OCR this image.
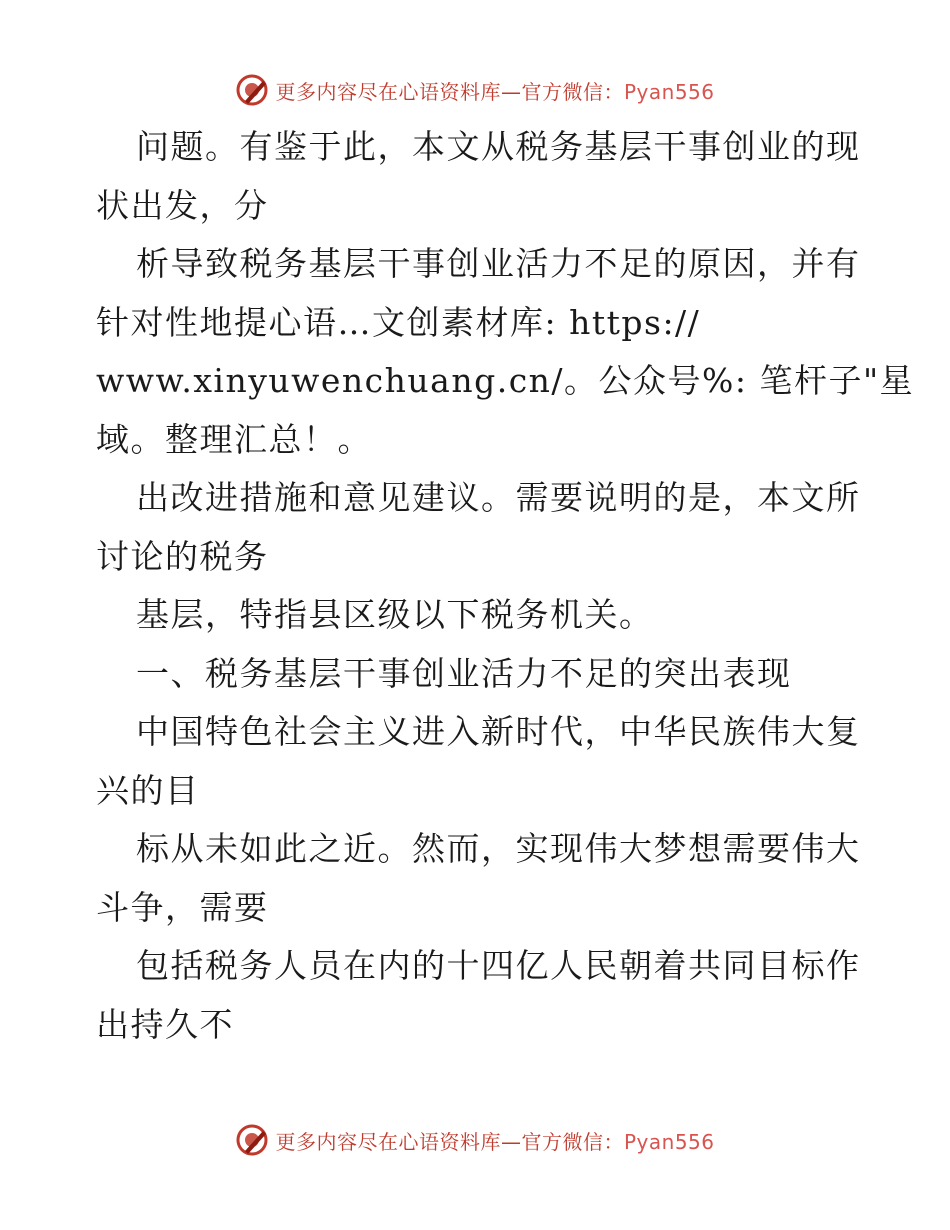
更多内容尽在心语资料库—官方微信：Pyan556
问题。有鉴于此，本文从税务基层干事创业的现
状出发，分
析导致税务基层干事创业活力不足的原因，并有
针对性地提心语…文创素材库: https://
www.xinyuwenchuang.cn/。公众号%: 笔杆子"星
域。整理汇总！。
出改进措施和意见建议。需要说明的是，本文所
讨论的税务
基层，特指县区级以下税务机关。
一、税务基层干事创业活力不足的突出表现
中国特色社会主义进入新时代，中华民族伟大复
兴的目
标从未如此之近。然而，实现伟大梦想需要伟大
斗争，需要
包括税务人员在内的十四亿人民朝着共同目标作
出持久不
更多内容尽在心语资料库—官方微信：Pyan556
